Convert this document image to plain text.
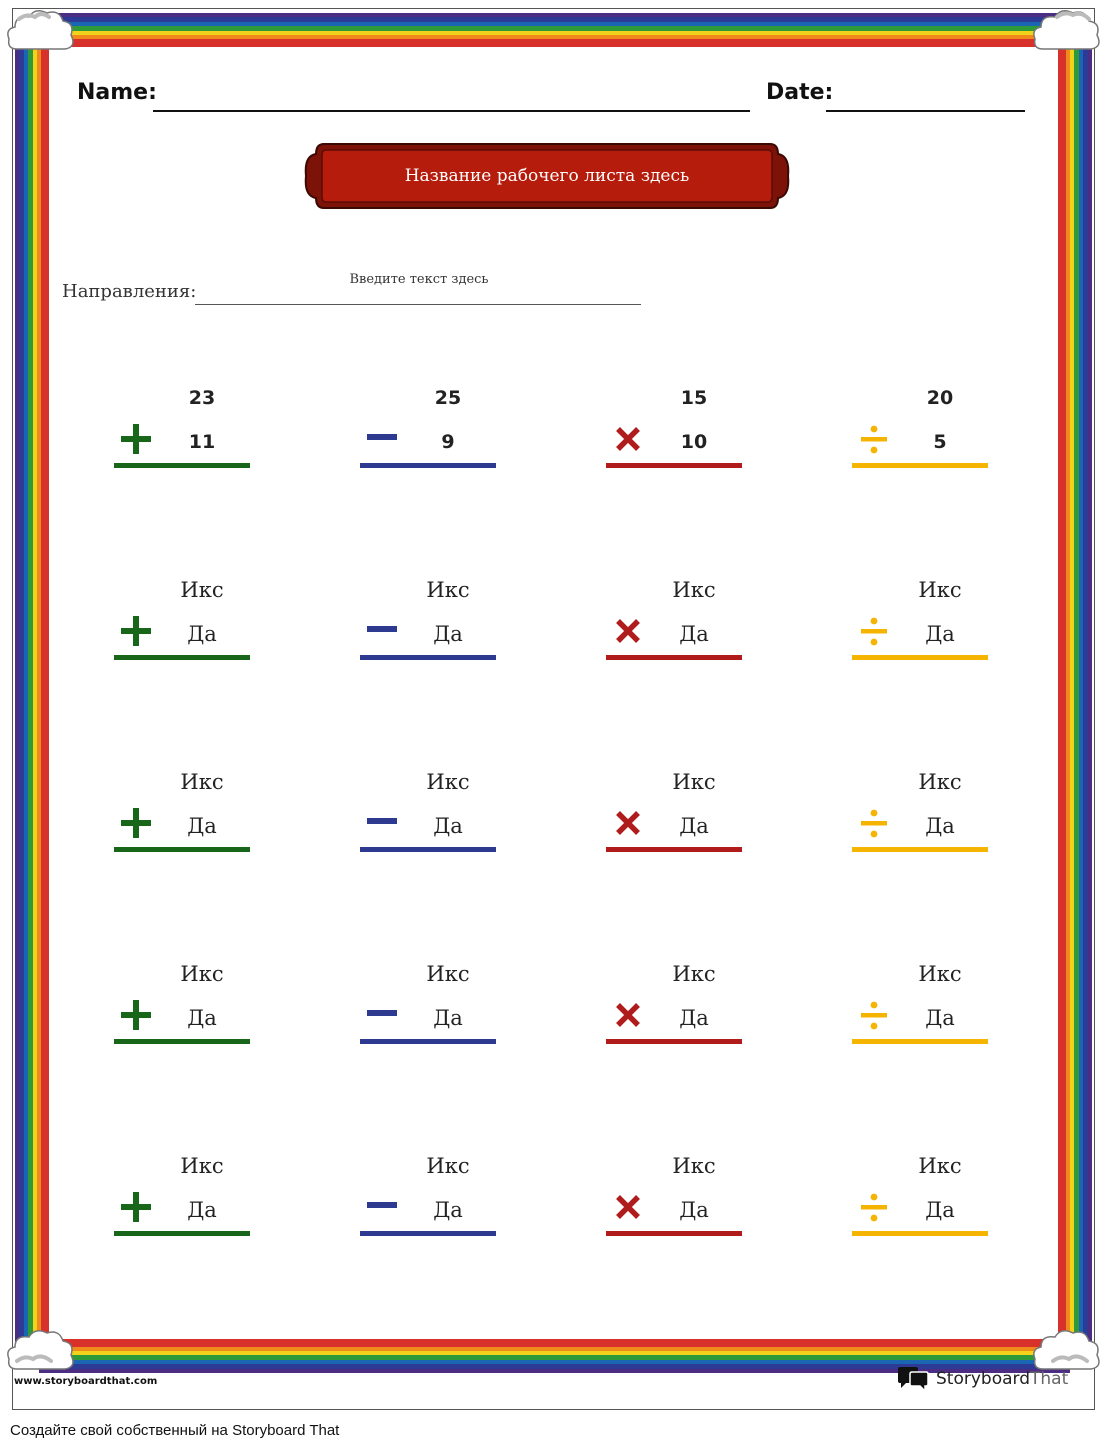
Name:	Date:
Название рабочего листа здесь
Направления:
Введите текст здесь
23
11
25
9
15
10
20
5
Икс
Да
Икс
Да
Икс
Да
Икс
Да
Икс
Да
Икс
Да
Икс
Да
Икс
Да
Икс
Да
Икс
Да
Икс
Да
Икс
Да
Икс
Да
Икс
Да
Икс
Да
Икс
Да
www.storyboardthat.com	StoryboardThat
Создайте свой собственный на Storyboard That
